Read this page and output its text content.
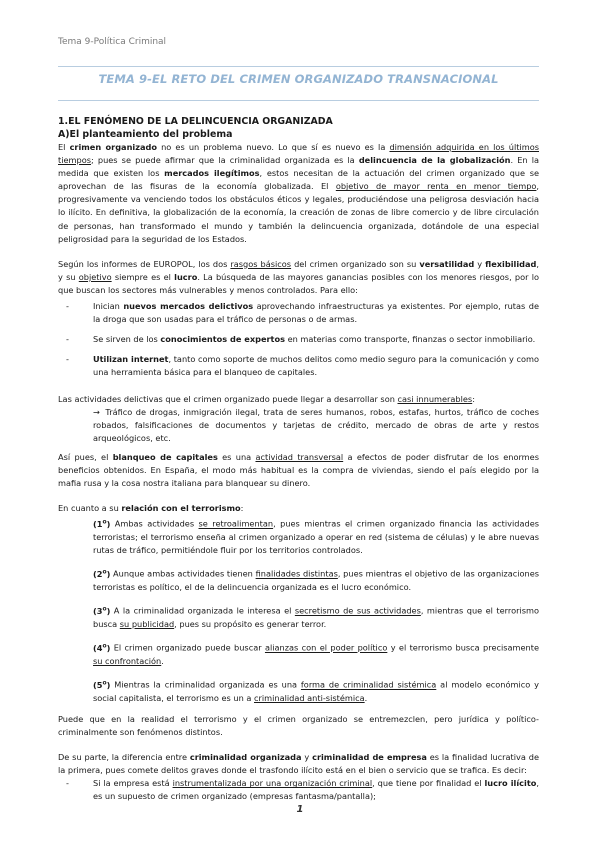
Tema 9-Política Criminal
TEMA 9-EL RETO DEL CRIMEN ORGANIZADO TRANSNACIONAL

1.EL FENÓMENO DE LA DELINCUENCIA ORGANIZADA

A)El planteamiento del problema

El crimen organizado no es un problema nuevo. Lo que sí es nuevo es la dimensión adquirida en los últimos tiempos; pues se puede afirmar que la criminalidad organizada es la delincuencia de la globalización. En la medida que existen los mercados ilegítimos, estos necesitan de la actuación del crimen organizado que se aprovechan de las fisuras de la economía globalizada. El objetivo de mayor renta en menor tiempo, progresivamente va venciendo todos los obstáculos éticos y legales, produciéndose una peligrosa desviación hacia lo ilícito. En definitiva, la globalización de la economía, la creación de zonas de libre comercio y de libre circulación de personas, han transformado el mundo y también la delincuencia organizada, dotándole de una especial peligrosidad para la seguridad de los Estados.

Según los informes de EUROPOL, los dos rasgos básicos del crimen organizado son su versatilidad y flexibilidad, y su objetivo siempre es el lucro. La búsqueda de las mayores ganancias posibles con los menores riesgos, por lo que buscan los sectores más vulnerables y menos controlados. Para ello:

- Inician nuevos mercados delictivos aprovechando infraestructuras ya existentes. Por ejemplo, rutas de la droga que son usadas para el tráfico de personas o de armas.
- Se sirven de los conocimientos de expertos en materias como transporte, finanzas o sector inmobiliario.
- Utilizan internet, tanto como soporte de muchos delitos como medio seguro para la comunicación y como una herramienta básica para el blanqueo de capitales.

Las actividades delictivas que el crimen organizado puede llegar a desarrollar son casi innumerables:

→ Tráfico de drogas, inmigración ilegal, trata de seres humanos, robos, estafas, hurtos, tráfico de coches robados, falsificaciones de documentos y tarjetas de crédito, mercado de obras de arte y restos arqueológicos, etc.

Así pues, el blanqueo de capitales es una actividad transversal a efectos de poder disfrutar de los enormes beneficios obtenidos. En España, el modo más habitual es la compra de viviendas, siendo el país elegido por la mafia rusa y la cosa nostra italiana para blanquear su dinero.

En cuanto a su relación con el terrorismo:

(1$^o$) Ambas actividades se retroalimentan, pues mientras el crimen organizado financia las actividades terroristas; el terrorismo enseña al crimen organizado a operar en red (sistema de células) y le abre nuevas rutas de tráfico, permitiéndole fluir por los territorios controlados.

(2$^o$) Aunque ambas actividades tienen finalidades distintas, pues mientras el objetivo de las organizaciones terroristas es político, el de la delincuencia organizada es el lucro económico.

(3$^o$) A la criminalidad organizada le interesa el secretismo de sus actividades, mientras que el terrorismo busca su publicidad, pues su propósito es generar terror.

(4$^o$) El crimen organizado puede buscar alianzas con el poder político y el terrorismo busca precisamente su confrontación.

(5$^o$) Mientras la criminalidad organizada es una forma de criminalidad sistémica al modelo económico y social capitalista, el terrorismo es un a criminalidad anti-sistémica.

Puede que en la realidad el terrorismo y el crimen organizado se entremezclen, pero jurídica y político-criminalmente son fenómenos distintos.

De su parte, la diferencia entre criminalidad organizada y criminalidad de empresa es la finalidad lucrativa de la primera, pues comete delitos graves donde el trasfondo ilícito está en el bien o servicio que se trafica. Es decir:

- Si la empresa está instrumentalizada por una organización criminal, que tiene por finalidad el lucro ilícito, es un supuesto de crimen organizado (empresas fantasma/pantalla);
1
